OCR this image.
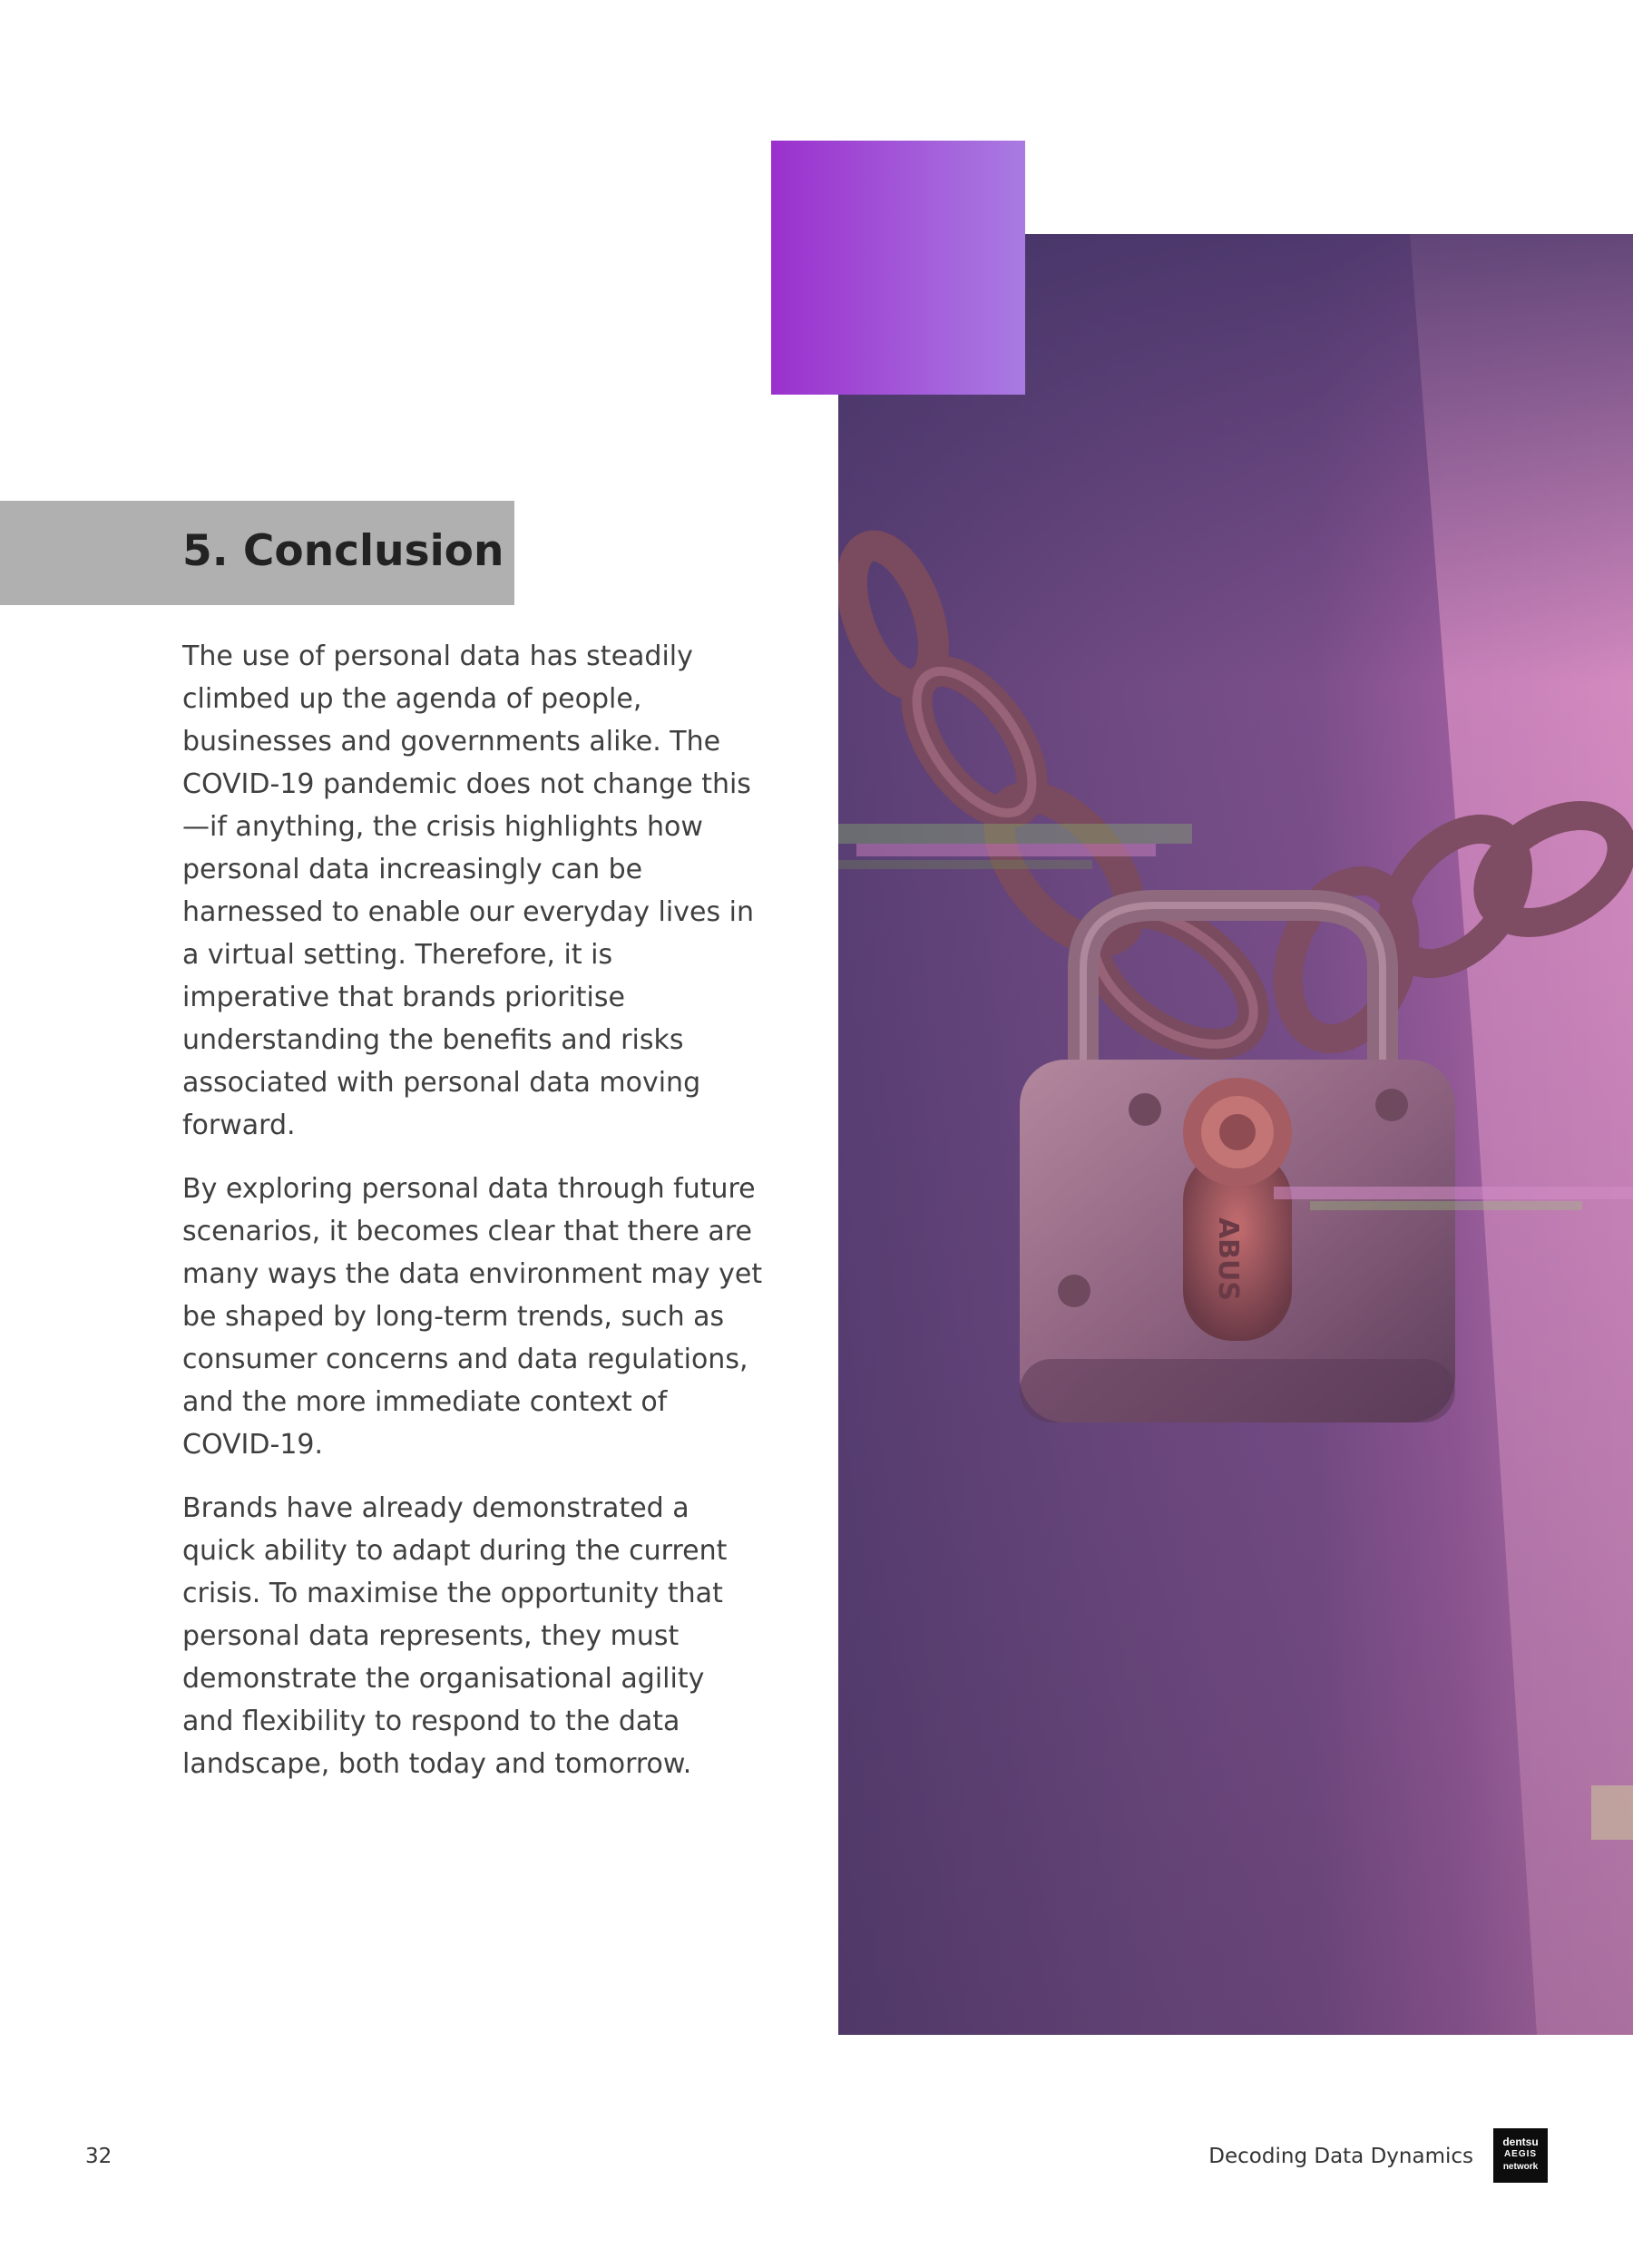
ABUS
5. Conclusion

The use of personal data has steadily climbed up the agenda of people, businesses and governments alike. The COVID-19 pandemic does not change this—if anything, the crisis highlights how personal data increasingly can be harnessed to enable our everyday lives in a virtual setting. Therefore, it is imperative that brands prioritise understanding the benefits and risks associated with personal data moving forward.

By exploring personal data through future scenarios, it becomes clear that there are many ways the data environment may yet be shaped by long-term trends, such as consumer concerns and data regulations, and the more immediate context of COVID-19.

Brands have already demonstrated a quick ability to adapt during the current crisis. To maximise the opportunity that personal data represents, they must demonstrate the organisational agility and flexibility to respond to the data landscape, both today and tomorrow.

32	Decoding Data Dynamics
dentsu
AEGIS
network
